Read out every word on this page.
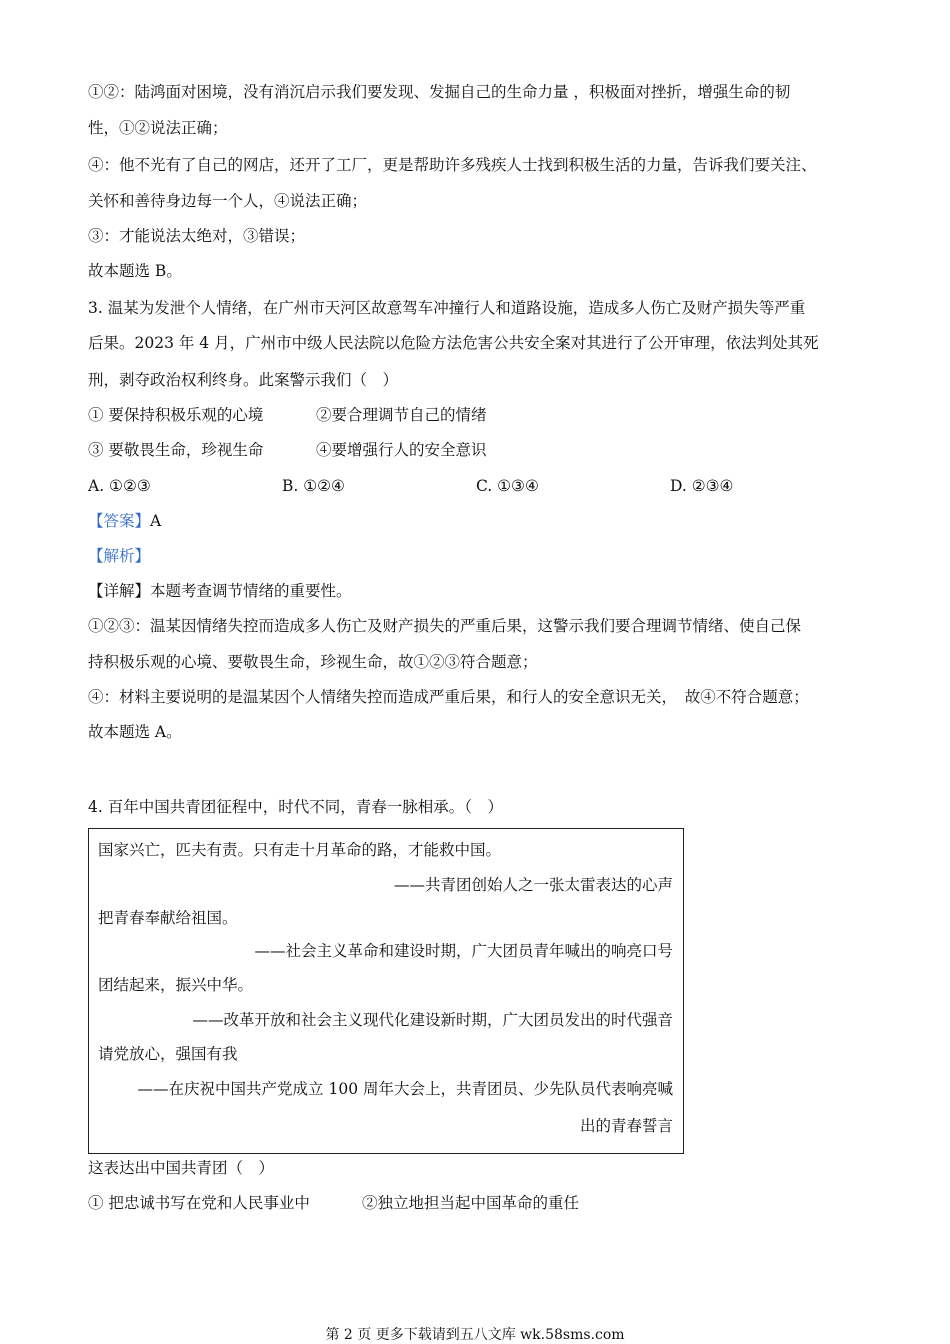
①②：陆鸿面对困境，没有消沉启示我们要发现、发掘自己的生命力量 ，积极面对挫折，增强生命的韧
性，①②说法正确；
④：他不光有了自己的网店，还开了工厂，更是帮助许多残疾人士找到积极生活的力量，告诉我们要关注、
关怀和善待身边每一个人，④说法正确；
③：才能说法太绝对，③错误；
故本题选 B。
3. 温某为发泄个人情绪，在广州市天河区故意驾车冲撞行人和道路设施，造成多人伤亡及财产损失等严重
后果。2023 年 4 月，广州市中级人民法院以危险方法危害公共安全案对其进行了公开审理，依法判处其死
刑，剥夺政治权利终身。此案警示我们（　）
① 要保持积极乐观的心境	②要合理调节自己的情绪
③ 要敬畏生命，珍视生命	④要增强行人的安全意识
A. ①②③	B. ①②④	C. ①③④	D. ②③④
【答案】A
【解析】
【详解】本题考查调节情绪的重要性。
①②③：温某因情绪失控而造成多人伤亡及财产损失的严重后果，这警示我们要合理调节情绪、使自己保
持积极乐观的心境、要敬畏生命，珍视生命，故①②③符合题意；
④：材料主要说明的是温某因个人情绪失控而造成严重后果，和行人的安全意识无关，　故④不符合题意；
故本题选 A。
4. 百年中国共青团征程中，时代不同，青春一脉相承。（　）
国家兴亡，匹夫有责。只有走十月革命的路，才能救中国。
——共青团创始人之一张太雷表达的心声
把青春奉献给祖国。
——社会主义革命和建设时期，广大团员青年喊出的响亮口号
团结起来，振兴中华。
——改革开放和社会主义现代化建设新时期，广大团员发出的时代强音
请党放心，强国有我
——在庆祝中国共产党成立 100 周年大会上，共青团员、少先队员代表响亮喊
出的青春誓言
这表达出中国共青团（　）
① 把忠诚书写在党和人民事业中	②独立地担当起中国革命的重任
第 2 页 更多下载请到五八文库 wk.58sms.com
